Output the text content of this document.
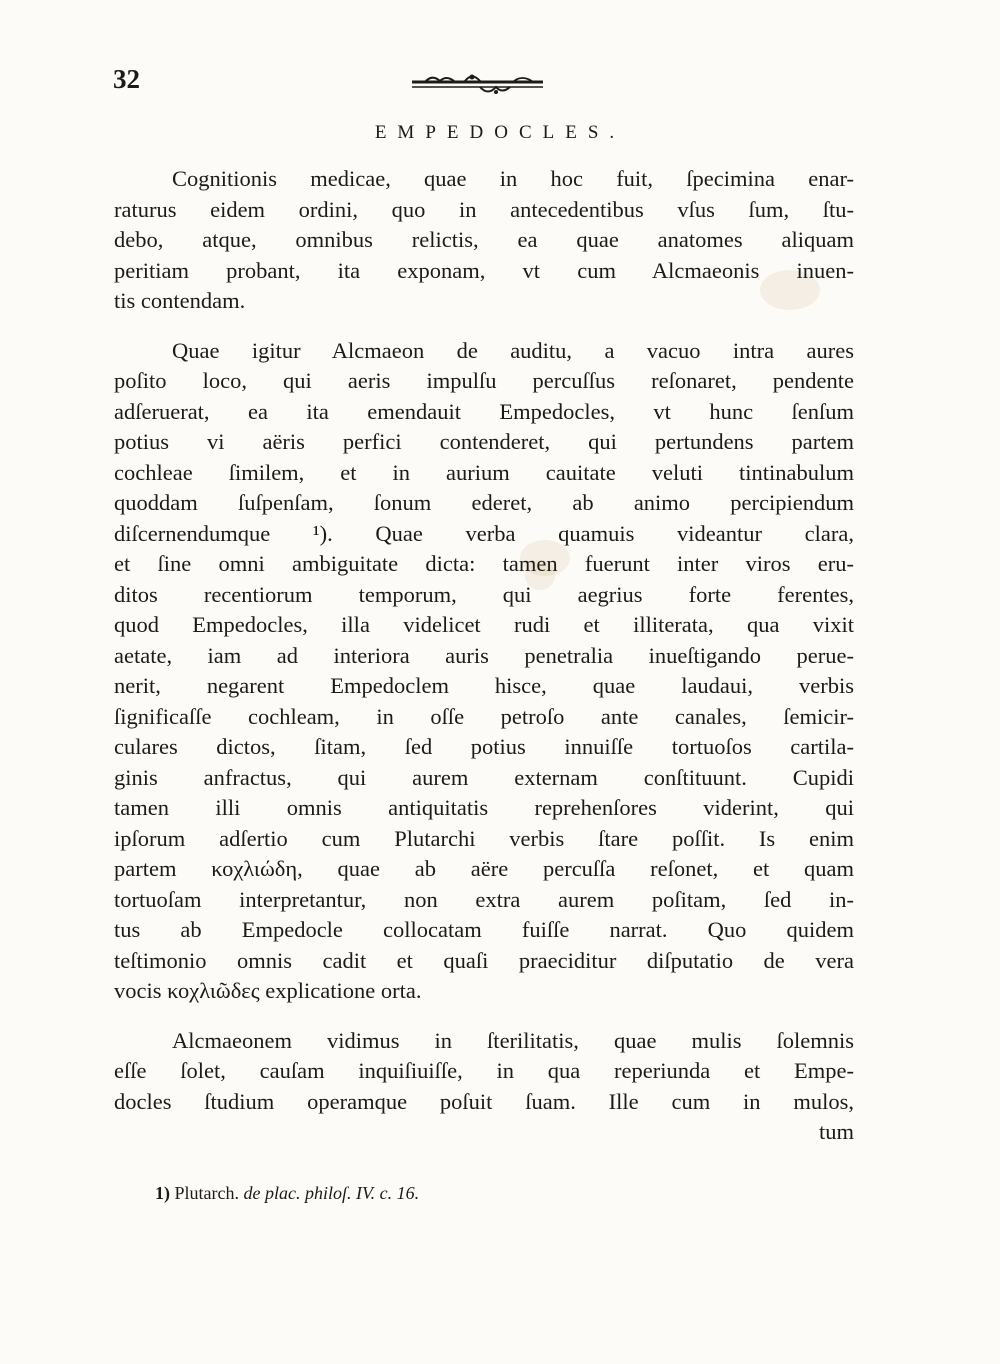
32
EMPEDOCLES.
Cognitionis medicae, quae in hoc fuit, ſpecimina enar-
raturus eidem ordini, quo in antecedentibus vſus ſum, ſtu-
debo, atque, omnibus relictis, ea quae anatomes aliquam
peritiam probant, ita exponam, vt cum Alcmaeonis inuen-
tis contendam.
Quae igitur Alcmaeon de auditu, a vacuo intra aures
poſito loco, qui aeris impulſu percuſſus reſonaret, pendente
adſeruerat, ea ita emendauit Empedocles, vt hunc ſenſum
potius vi aëris perfici contenderet, qui pertundens partem
cochleae ſimilem, et in aurium cauitate veluti tintinabulum
quoddam ſuſpenſam, ſonum ederet, ab animo percipiendum
diſcernendumque ¹). Quae verba quamuis videantur clara,
et ſine omni ambiguitate dicta: tamen fuerunt inter viros eru-
ditos recentiorum temporum, qui aegrius forte ferentes,
quod Empedocles, illa videlicet rudi et illiterata, qua vixit
aetate, iam ad interiora auris penetralia inueſtigando perue-
nerit, negarent Empedoclem hisce, quae laudaui, verbis
ſignificaſſe cochleam, in oſſe petroſo ante canales, ſemicir-
culares dictos, ſitam, ſed potius innuiſſe tortuoſos cartila-
ginis anfractus, qui aurem externam conſtituunt. Cupidi
tamen illi omnis antiquitatis reprehenſores viderint, qui
ipſorum adſertio cum Plutarchi verbis ſtare poſſit. Is enim
partem κοχλιώδη, quae ab aëre percuſſa reſonet, et quam
tortuoſam interpretantur, non extra aurem poſitam, ſed in-
tus ab Empedocle collocatam fuiſſe narrat. Quo quidem
teſtimonio omnis cadit et quaſi praeciditur diſputatio de vera
vocis κοχλιῶδες explicatione orta.
Alcmaeonem vidimus in ſterilitatis, quae mulis ſolemnis
eſſe ſolet, cauſam inquiſiuiſſe, in qua reperiunda et Empe-
docles ſtudium operamque poſuit ſuam. Ille cum in mulos,
tum
1) Plutarch. de plac. philoſ. IV. c. 16.
